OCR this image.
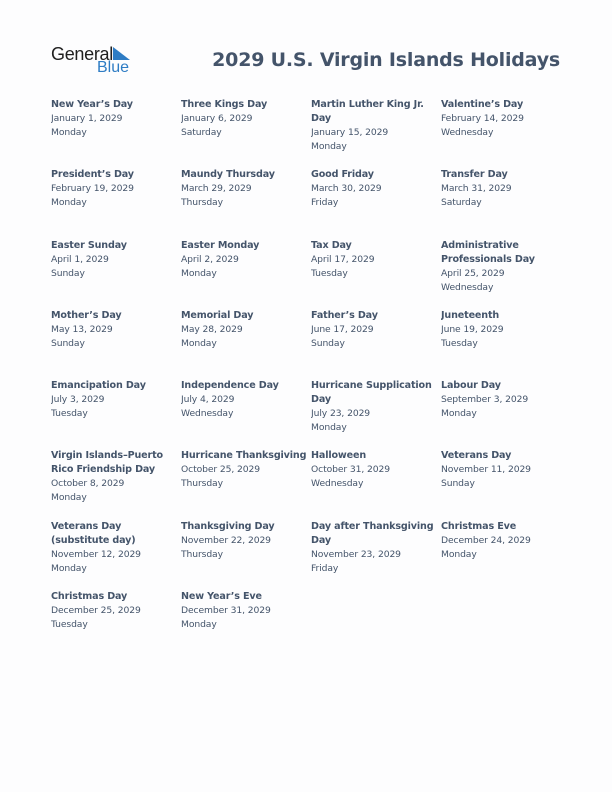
General
Blue	2029 U.S. Virgin Islands Holidays
New Year’s Day
January 1, 2029
Monday
Three Kings Day
January 6, 2029
Saturday
Martin Luther King Jr. Day
January 15, 2029
Monday
Valentine’s Day
February 14, 2029
Wednesday
President’s Day
February 19, 2029
Monday
Maundy Thursday
March 29, 2029
Thursday
Good Friday
March 30, 2029
Friday
Transfer Day
March 31, 2029
Saturday
Easter Sunday
April 1, 2029
Sunday
Easter Monday
April 2, 2029
Monday
Tax Day
April 17, 2029
Tuesday
Administrative Professionals Day
April 25, 2029
Wednesday
Mother’s Day
May 13, 2029
Sunday
Memorial Day
May 28, 2029
Monday
Father’s Day
June 17, 2029
Sunday
Juneteenth
June 19, 2029
Tuesday
Emancipation Day
July 3, 2029
Tuesday
Independence Day
July 4, 2029
Wednesday
Hurricane Supplication Day
July 23, 2029
Monday
Labour Day
September 3, 2029
Monday
Virgin Islands–Puerto Rico Friendship Day
October 8, 2029
Monday
Hurricane Thanksgiving
October 25, 2029
Thursday
Halloween
October 31, 2029
Wednesday
Veterans Day
November 11, 2029
Sunday
Veterans Day (substitute day)
November 12, 2029
Monday
Thanksgiving Day
November 22, 2029
Thursday
Day after Thanksgiving Day
November 23, 2029
Friday
Christmas Eve
December 24, 2029
Monday
Christmas Day
December 25, 2029
Tuesday
New Year’s Eve
December 31, 2029
Monday
